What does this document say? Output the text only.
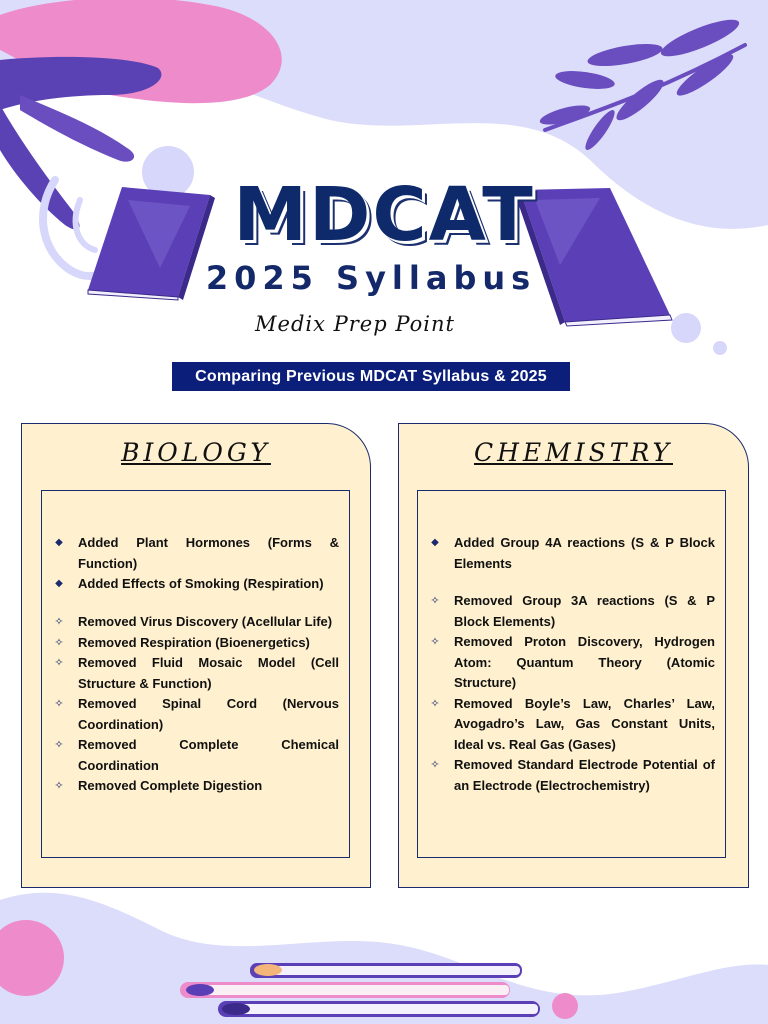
MDCAT
2025 Syllabus
Medix Prep Point
Comparing Previous MDCAT Syllabus & 2025
BIOLOGY
◆ Added Plant Hormones (Forms & Function)
◆ Added Effects of Smoking (Respiration)
✧ Removed Virus Discovery (Acellular Life)
✧ Removed Respiration (Bioenergetics)
✧ Removed Fluid Mosaic Model (Cell Structure & Function)
✧ Removed Spinal Cord (Nervous Coordination)
✧ Removed Complete Chemical Coordination
✧ Removed Complete Digestion
CHEMISTRY
◆ Added Group 4A reactions (S & P Block Elements
✧ Removed Group 3A reactions (S & P Block Elements)
✧ Removed Proton Discovery, Hydrogen Atom: Quantum Theory (Atomic Structure)
✧ Removed Boyle’s Law, Charles’ Law, Avogadro’s Law, Gas Constant Units, Ideal vs. Real Gas (Gases)
✧ Removed Standard Electrode Potential of an Electrode (Electrochemistry)
